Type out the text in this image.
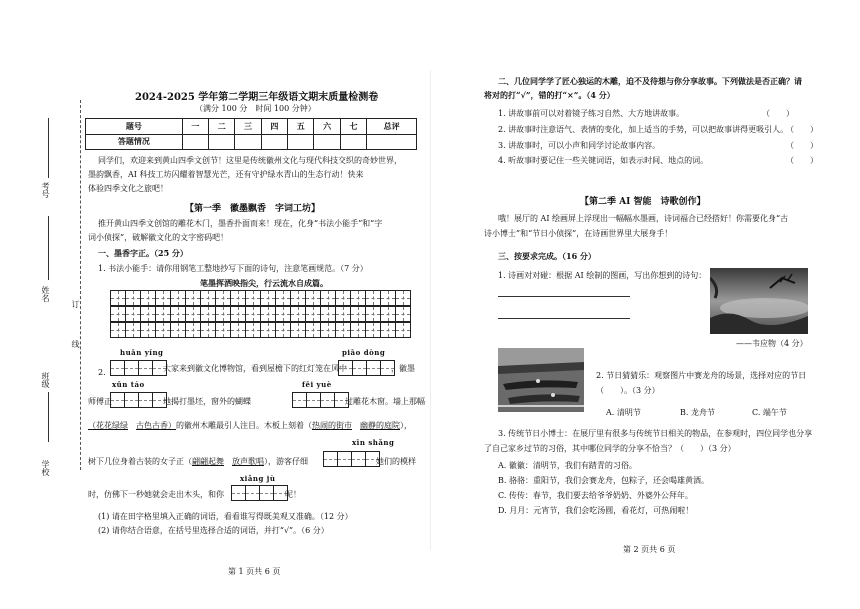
考号
姓名
订
线
班级
学校
2024-2025 学年第二学期三年级语文期末质量检测卷
（满分 100 分　时间 100 分钟）
题号	一	二	三	四	五	六	七	总评
答题情况								
同学们，欢迎来到黄山四季文创节！这里是传统徽州文化与现代科技交织的奇妙世界，
墨韵飘香，AI 科技工坊闪耀着智慧光芒，还有守护绿水青山的生态行动！快来
体验四季文化之旅吧！
【第一季　徽墨飘香　字词工坊】
推开黄山四季文创馆的雕花木门，墨香扑面而来！现在，化身“书法小能手”和“字
词小侦探”，破解徽文化的文字密码吧！
一、墨香字正。（25 分）
1. 书法小能手：请你用钢笔工整地抄写下面的诗句，注意笔画规范。（7 分）
笔墨挥洒映指尖，行云流水自成篇。
huān yíng	piāo dòng
2.	大家来到徽文化博物馆，看到屋檐下的红灯笼在风中	，徽墨
xūn táo	fēi yuè
师傅正	地揭打墨坯，窗外的蝴蝶	过雕花木窗。墙上那幅
（花花绿绿　 古色古香）的徽州木雕最引人注目。木板上刻着（热闹的街市　 幽静的庭院），
xīn shǎng
树下几位身着古装的女子正（翩翩起舞　 放声歌唱），游客仔细	她们的模样
xiǎng jù
时，仿佛下一秒她就会走出木头，和你	呢！
(1) 请在田字格里填入正确的词语，看看谁写得既美观又准确。（12 分）
(2) 请你结合语意，在括号里选择合适的词语，并打“√”。（6 分）
第 1 页共 6 页
二、几位同学学了匠心独运的木雕，迫不及待想与你分享故事。下列做法是否正确？请
将对的打“√”，错的打“×”。（4 分）
1. 讲故事前可以对着镜子练习自然、大方地讲故事。	（　　）
2. 讲故事时注意语气、表情的变化，加上适当的手势，可以把故事讲得更吸引人。
（　　）
3. 讲故事时，可以小声和同学讨论故事内容。	（　　）
4. 听故事时要记住一些关键词语，如表示时间、地点的词。	（　　）
【第二季 AI 智能　诗歌创作】
哦！展厅的 AI 绘画屏上浮现出一幅幅水墨画，诗词福合已经搭好！你需要化身“古
诗小博士”和“节日小侦探”，在诗画世界里大展身手！
三、按要求完成。（16 分）
1. 诗画对对碰：根据 AI 绘制的图画，写出你想到的诗句：
——韦应物（4 分）
2. 节日猜猜乐：观察图片中赛龙舟的场景，选择对应的节日
（　　）。（3 分）
A. 清明节	B. 龙舟节	C. 端午节
3. 传统节日小博士：在展厅里有很多与传统节日相关的物品，在参观时，四位同学也分享
了自己家乡过节的习俗，其中哪位同学的分享不恰当？（　　）（3 分）
A. 徽徽：清明节，我们有踏青的习俗。
B. 骆骆：重阳节，我们会赛龙舟，包粽子，还会喝雄黄酒。
C. 传传：春节，我们要去给爷爷奶奶、外婆外公拜年。
D. 月月：元宵节，我们会吃汤圆，看花灯，可热闹啦！
第 2 页共 6 页
